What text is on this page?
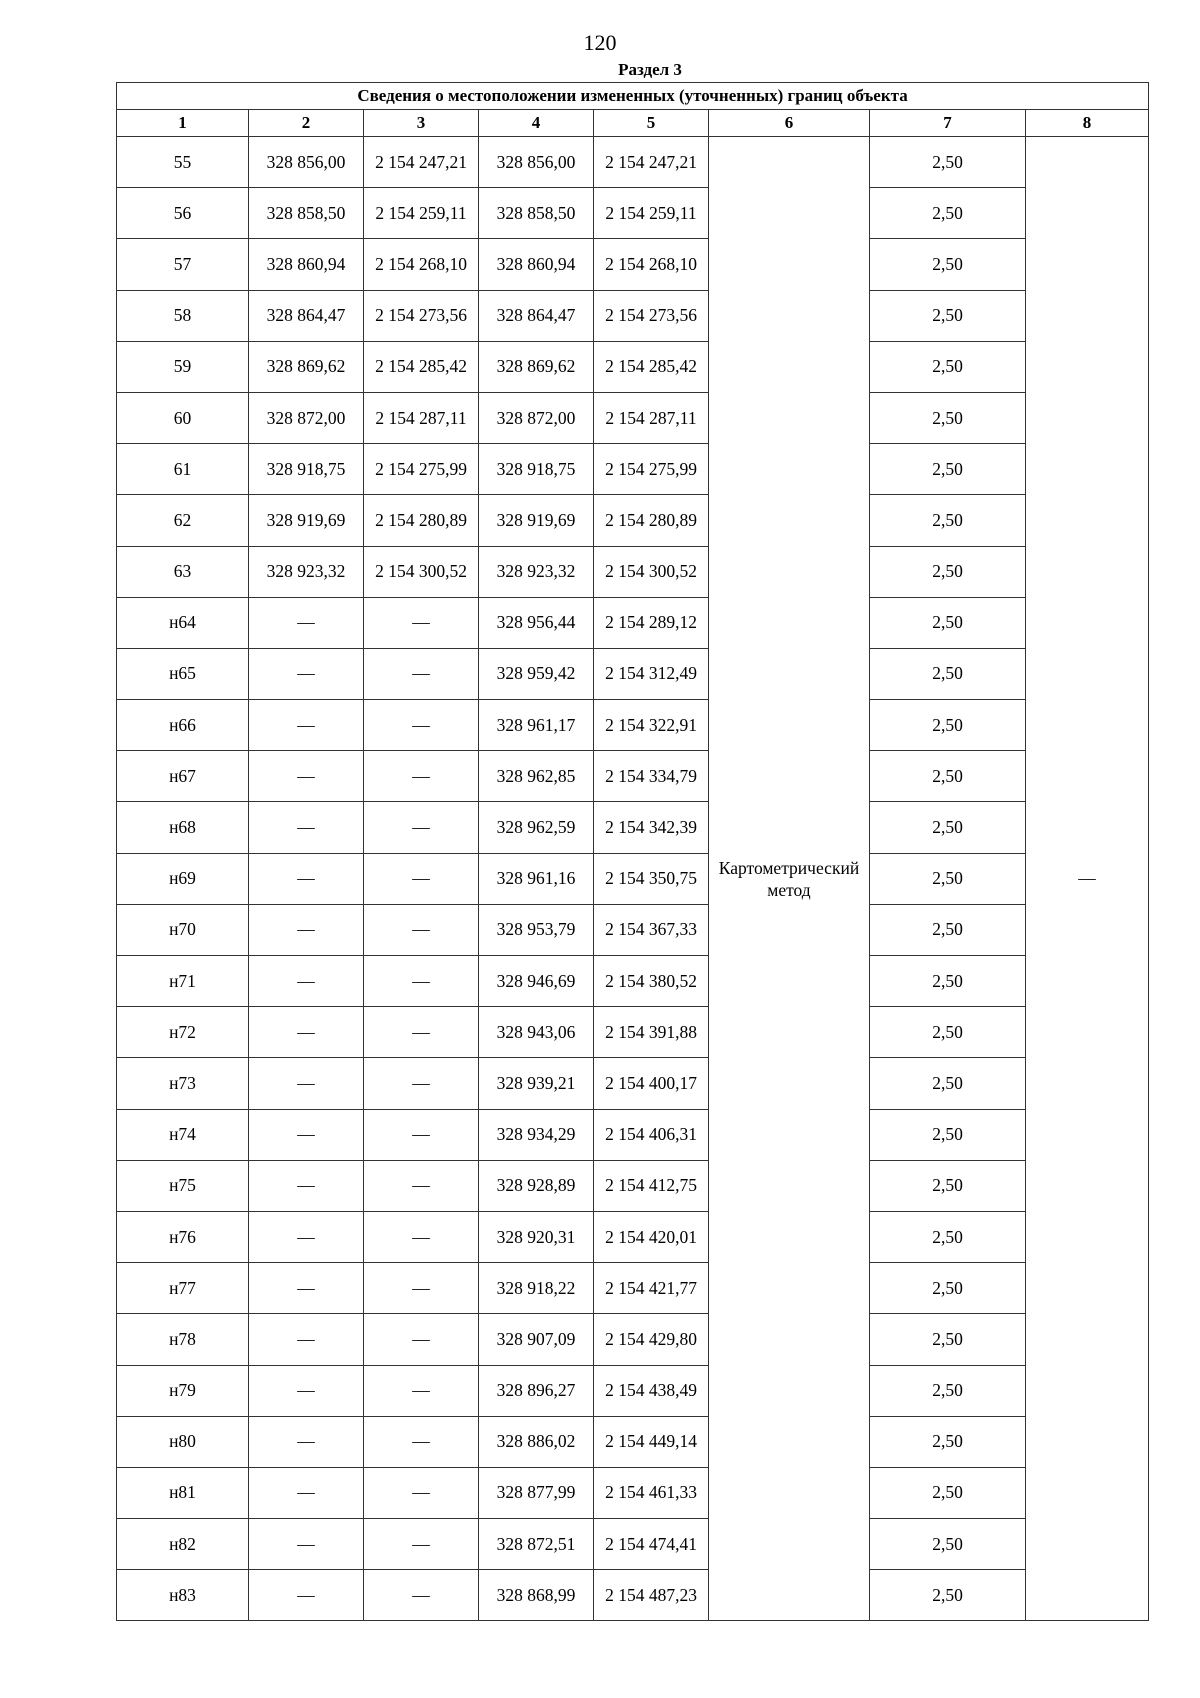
120
Раздел 3
Сведения о местоположении измененных (уточненных) границ объекта							
1	2	3	4	5	6	7	8
55	328 856,00	2 154 247,21	328 856,00	2 154 247,21	Картометрический метод	2,50	—
56	328 858,50	2 154 259,11	328 858,50	2 154 259,11		2,50	
57	328 860,94	2 154 268,10	328 860,94	2 154 268,10		2,50	
58	328 864,47	2 154 273,56	328 864,47	2 154 273,56		2,50	
59	328 869,62	2 154 285,42	328 869,62	2 154 285,42		2,50	
60	328 872,00	2 154 287,11	328 872,00	2 154 287,11		2,50	
61	328 918,75	2 154 275,99	328 918,75	2 154 275,99		2,50	
62	328 919,69	2 154 280,89	328 919,69	2 154 280,89		2,50	
63	328 923,32	2 154 300,52	328 923,32	2 154 300,52		2,50	
н64	—	—	328 956,44	2 154 289,12		2,50	
н65	—	—	328 959,42	2 154 312,49		2,50	
н66	—	—	328 961,17	2 154 322,91		2,50	
н67	—	—	328 962,85	2 154 334,79		2,50	
н68	—	—	328 962,59	2 154 342,39		2,50	
н69	—	—	328 961,16	2 154 350,75		2,50	
н70	—	—	328 953,79	2 154 367,33		2,50	
н71	—	—	328 946,69	2 154 380,52		2,50	
н72	—	—	328 943,06	2 154 391,88		2,50	
н73	—	—	328 939,21	2 154 400,17		2,50	
н74	—	—	328 934,29	2 154 406,31		2,50	
н75	—	—	328 928,89	2 154 412,75		2,50	
н76	—	—	328 920,31	2 154 420,01		2,50	
н77	—	—	328 918,22	2 154 421,77		2,50	
н78	—	—	328 907,09	2 154 429,80		2,50	
н79	—	—	328 896,27	2 154 438,49		2,50	
н80	—	—	328 886,02	2 154 449,14		2,50	
н81	—	—	328 877,99	2 154 461,33		2,50	
н82	—	—	328 872,51	2 154 474,41		2,50	
н83	—	—	328 868,99	2 154 487,23		2,50	
